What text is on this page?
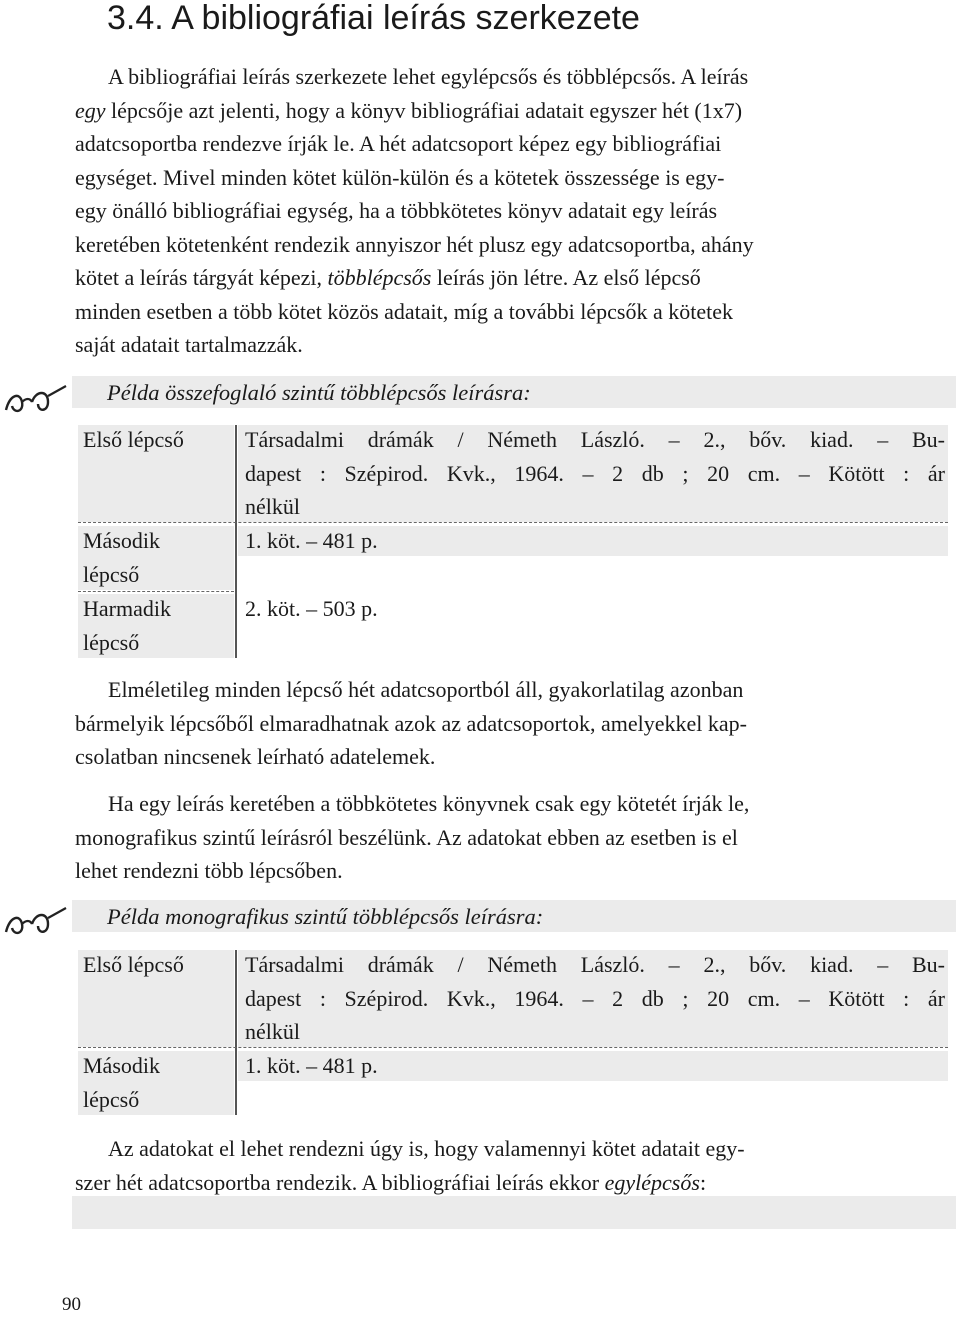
3.4. A bibliográfiai leírás szerkezete

A bibliográfiai leírás szerkezete lehet egylépcsős és többlépcsős. A leírás

egy lépcsője azt jelenti, hogy a könyv bibliográfiai adatait egyszer hét (1x7)

adatcsoportba rendezve írják le. A hét adatcsoport képez egy bibliográfiai

egységet. Mivel minden kötet külön-külön és a kötetek összessége is egy-

egy önálló bibliográfiai egység, ha a többkötetes könyv adatait egy leírás

keretében kötetenként rendezik annyiszor hét plusz egy adatcsoportba, ahány

kötet a leírás tárgyát képezi, többlépcsős leírás jön létre. Az első lépcső

minden esetben a több kötet közös adatait, míg a további lépcsők a kötetek

saját adatait tartalmazzák.

Példa összefoglaló szintű többlépcsős leírásra:
Első lépcső	Társadalmi drámák / Németh László. – 2., bőv. kiad. – Bu-
dapest : Szépirod. Kvk., 1964. – 2 db ; 20 cm. – Kötött : ár
nélkül
Második
lépcső
1. köt. – 481 p.
Harmadik
lépcső
2. köt. – 503 p.

Elméletileg minden lépcső hét adatcsoportból áll, gyakorlatilag azonban

bármelyik lépcsőből elmaradhatnak azok az adatcsoportok, amelyekkel kap-

csolatban nincsenek leírható adatelemek.

Ha egy leírás keretében a többkötetes könyvnek csak egy kötetét írják le,

monografikus szintű leírásról beszélünk. Az adatokat ebben az esetben is el

lehet rendezni több lépcsőben.

Példa monografikus szintű többlépcsős leírásra:
Első lépcső	Társadalmi drámák / Németh László. – 2., bőv. kiad. – Bu-
dapest : Szépirod. Kvk., 1964. – 2 db ; 20 cm. – Kötött : ár
nélkül
Második
lépcső
1. köt. – 481 p.

Az adatokat el lehet rendezni úgy is, hogy valamennyi kötet adatait egy-

szer hét adatcsoportba rendezik. A bibliográfiai leírás ekkor egylépcsős:

90
